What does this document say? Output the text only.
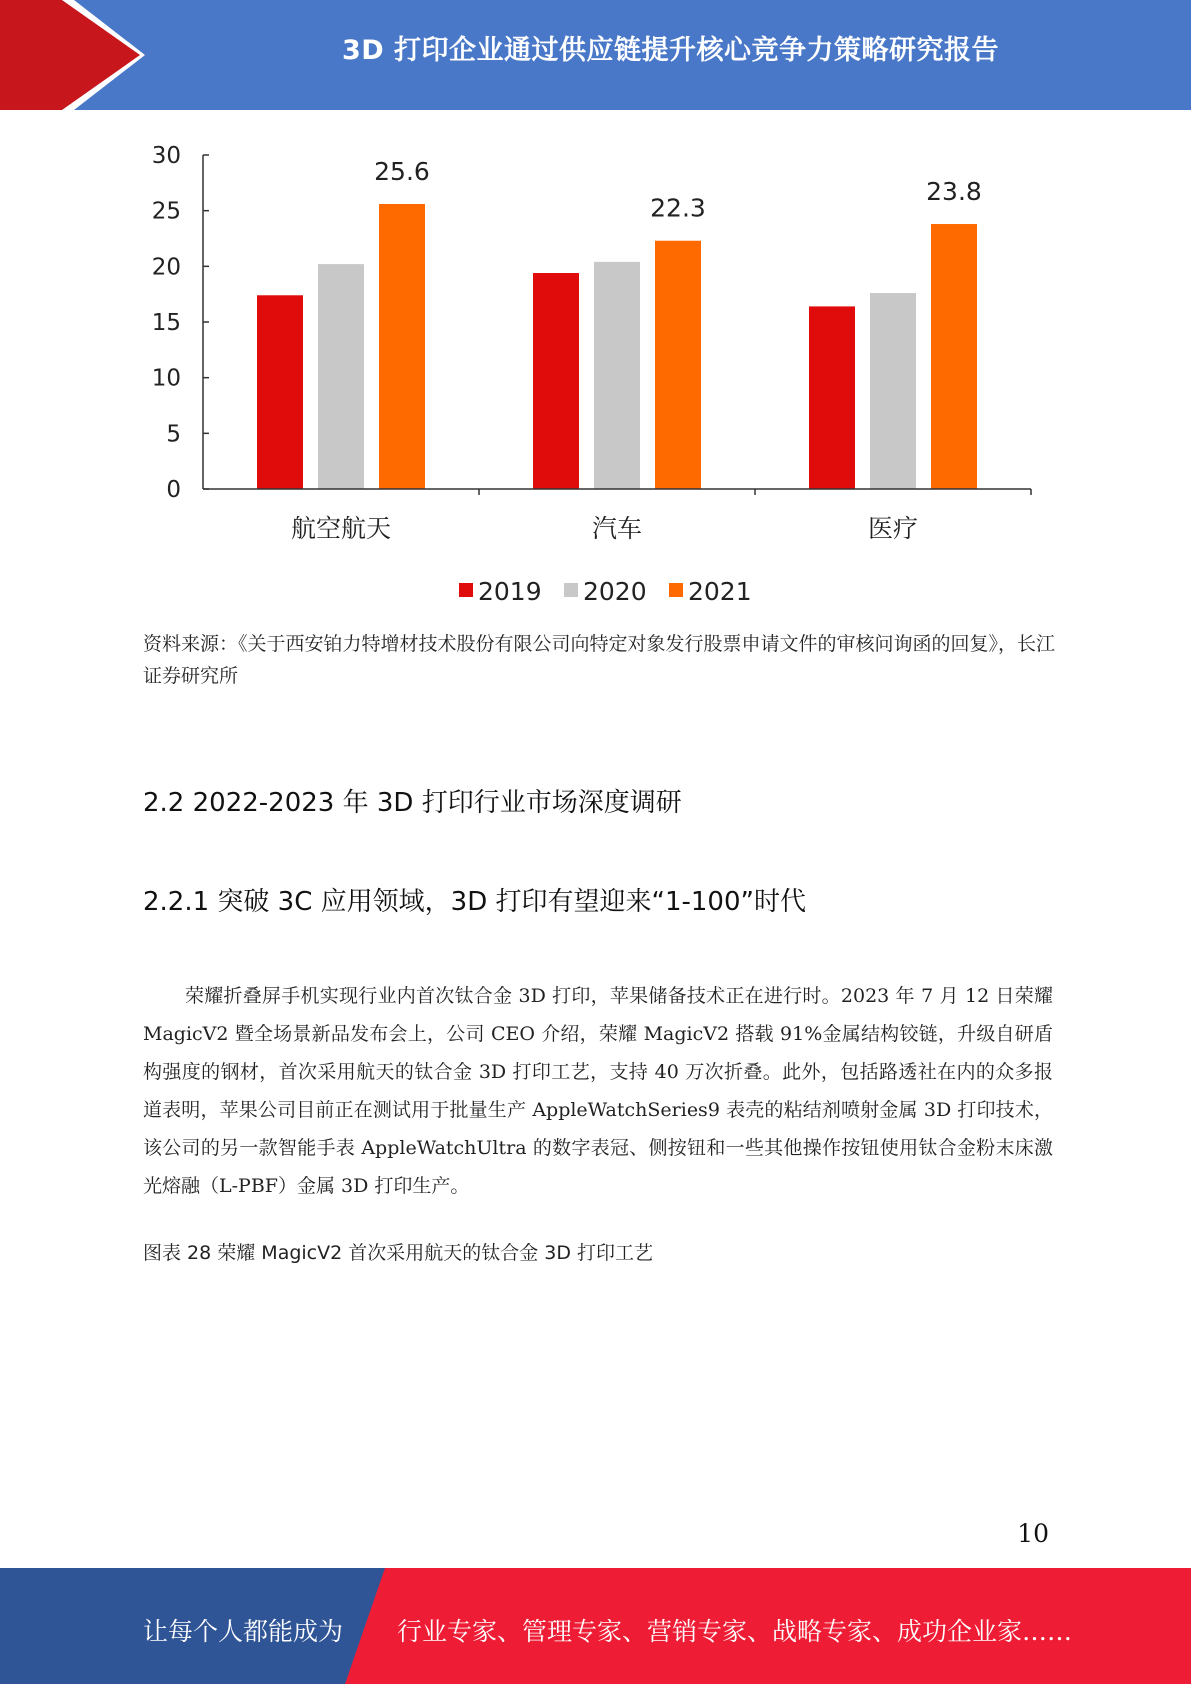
3D 打印企业通过供应链提升核心竞争力策略研究报告
0
5
10
15
20
25
30
25.6
22.3
23.8
航空航天	汽车	医疗
2019 2020 2021
资料来源：《关于西安铂力特增材技术股份有限公司向特定对象发行股票申请文件的审核问询函的回复》，长江证券研究所
2.2 2022-2023 年 3D 打印行业市场深度调研
2.2.1 突破 3C 应用领域，3D 打印有望迎来“1-100”时代
荣耀折叠屏手机实现行业内首次钛合金 3D 打印，苹果储备技术正在进行时。2023 年 7 月 12 日荣耀 MagicV2 暨全场景新品发布会上，公司 CEO 介绍，荣耀 MagicV2 搭载 91%金属结构铰链，升级自研盾构强度的钢材，首次采用航天的钛合金 3D 打印工艺，支持 40 万次折叠。此外，包括路透社在内的众多报道表明，苹果公司目前正在测试用于批量生产 AppleWatchSeries9 表壳的粘结剂喷射金属 3D 打印技术，该公司的另一款智能手表 AppleWatchUltra 的数字表冠、侧按钮和一些其他操作按钮使用钛合金粉末床激光熔融（L-PBF）金属 3D 打印生产。
图表 28 荣耀 MagicV2 首次采用航天的钛合金 3D 打印工艺
10
让每个人都能成为 行业专家、管理专家、营销专家、战略专家、成功企业家……
